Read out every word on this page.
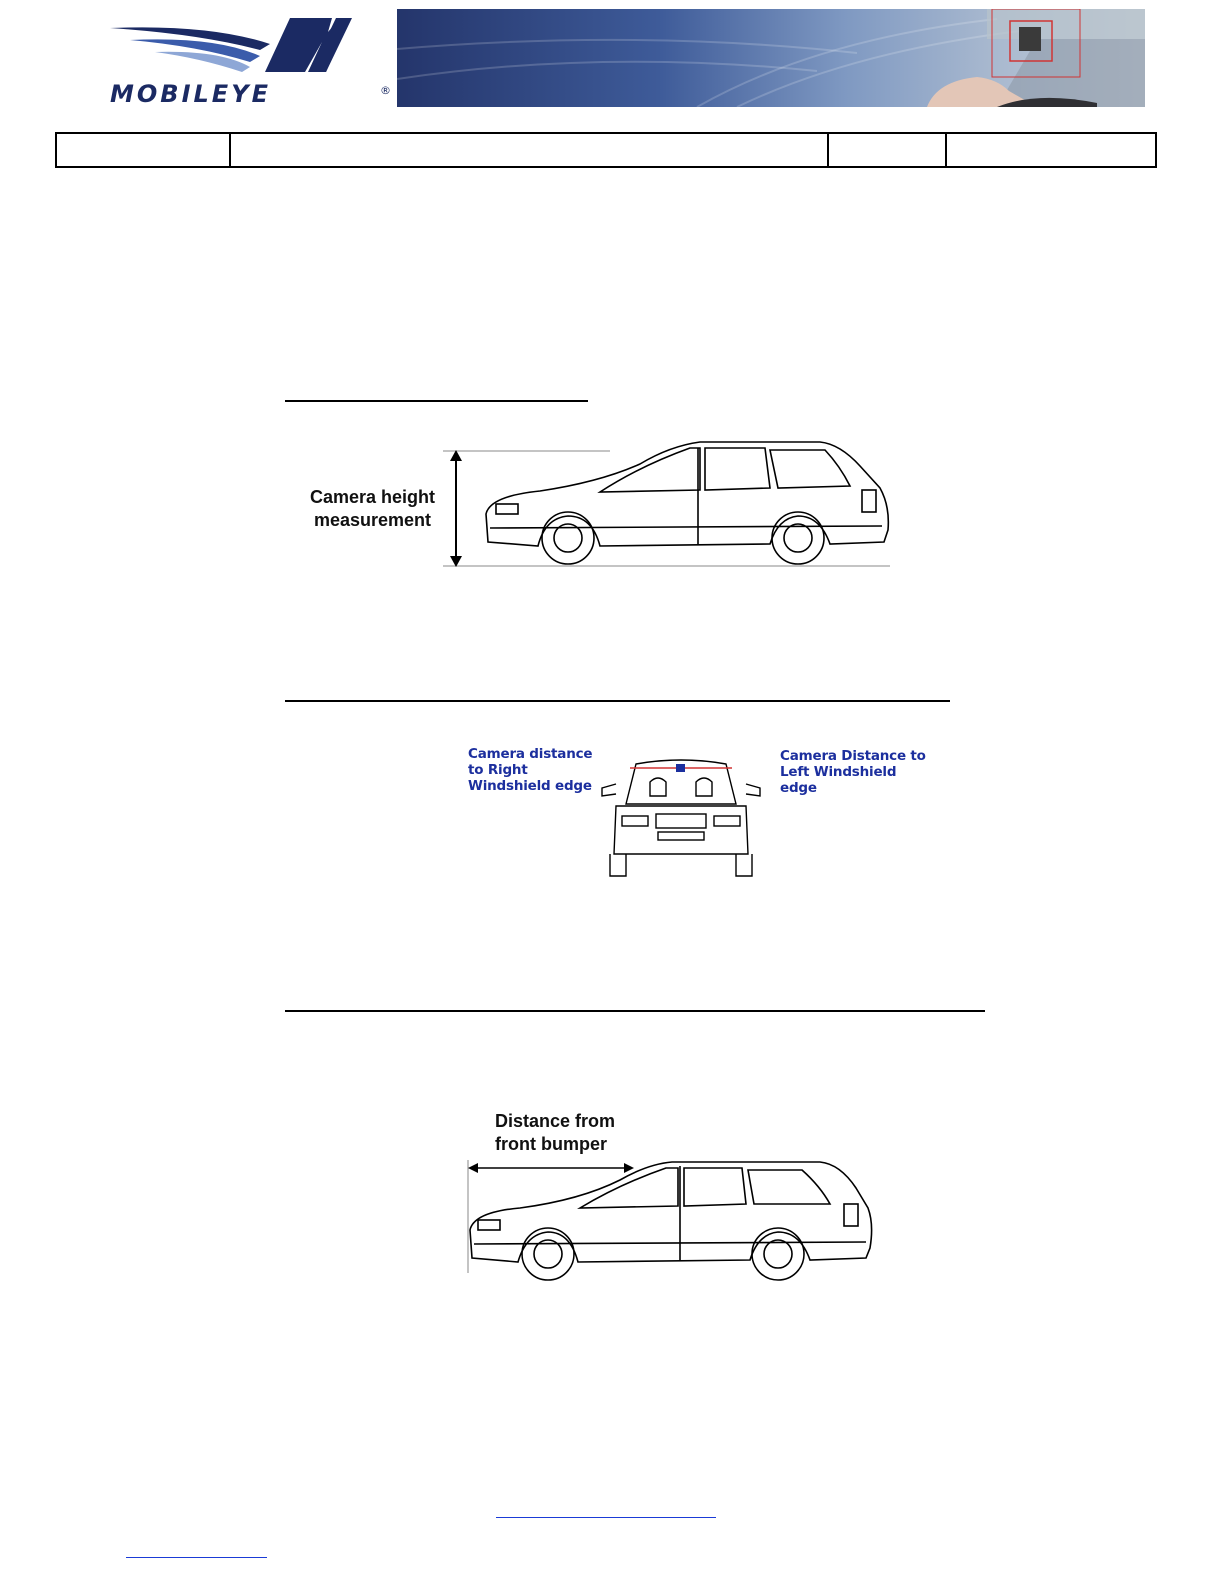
MOBILEYE	®
Camera height
measurement
Camera distance
to Right
Windshield edge
Camera Distance to
Left Windshield
edge
Distance from
front bumper
